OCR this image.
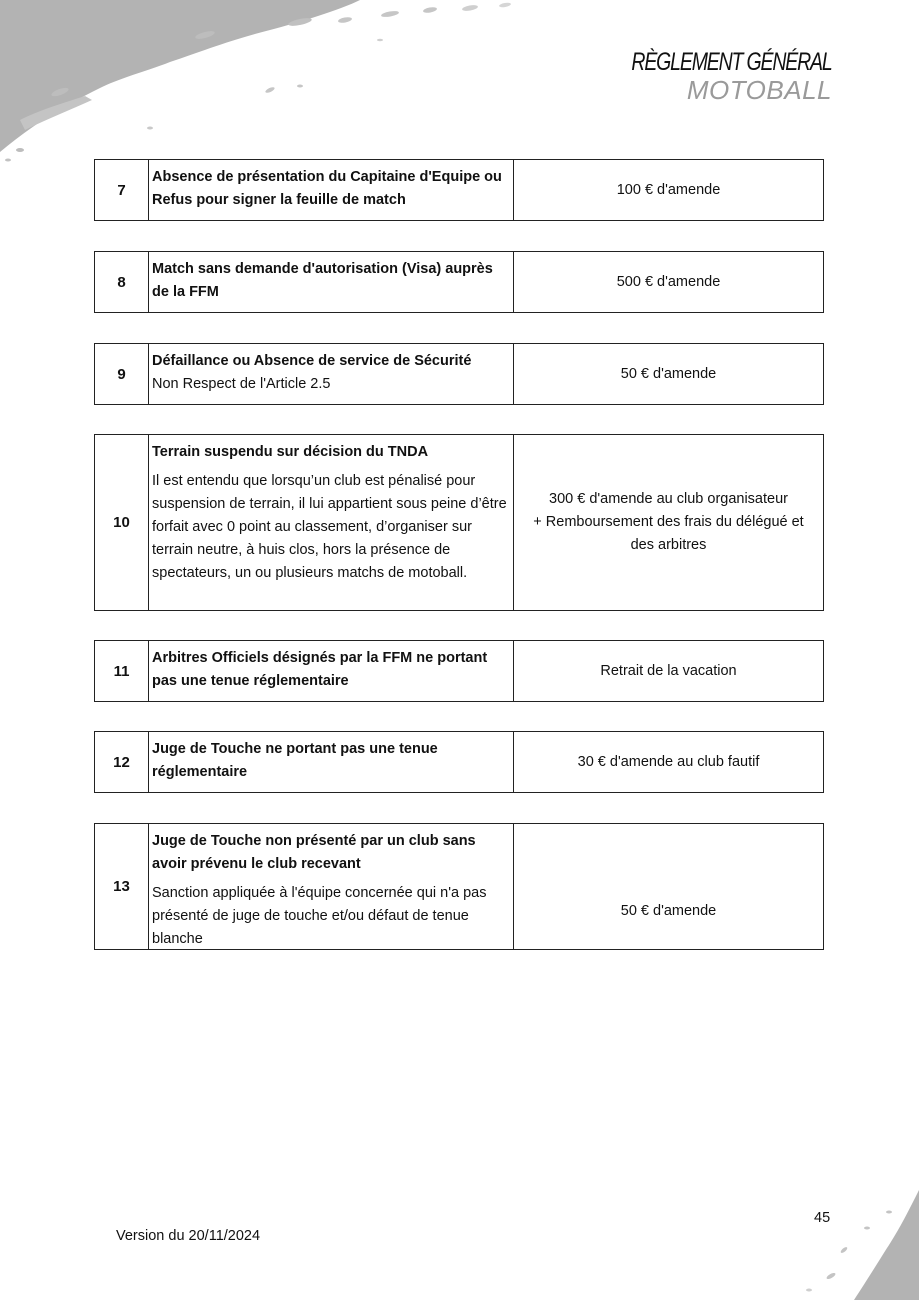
RÈGLEMENT GÉNÉRAL
MOTOBALL
7
Absence de présentation du Capitaine d'Equipe ou Refus pour signer la feuille de match
100 € d'amende
8
Match sans demande d'autorisation (Visa) auprès de la FFM
500 € d'amende
9
Défaillance ou Absence de service de Sécurité
Non Respect de l'Article 2.5
50 € d'amende
10
Terrain suspendu sur décision du TNDA
Il est entendu que lorsqu’un club est pénalisé pour suspension de terrain, il lui appartient sous peine d’être forfait avec 0 point au classement, d’organiser sur terrain neutre, à huis clos, hors la présence de spectateurs, un ou plusieurs matchs de motoball.
300 € d'amende au club organisateur
+ Remboursement des frais du délégué et des arbitres
11
Arbitres Officiels désignés par la FFM ne portant pas une tenue réglementaire
Retrait de la vacation
12
Juge de Touche ne portant pas une tenue réglementaire
30 € d'amende au club fautif
13
Juge de Touche non présenté par un club sans avoir prévenu le club recevant
Sanction appliquée à l'équipe concernée qui n'a pas présenté de juge de touche et/ou défaut de tenue blanche
50 € d'amende
Version du 20/11/2024
45
